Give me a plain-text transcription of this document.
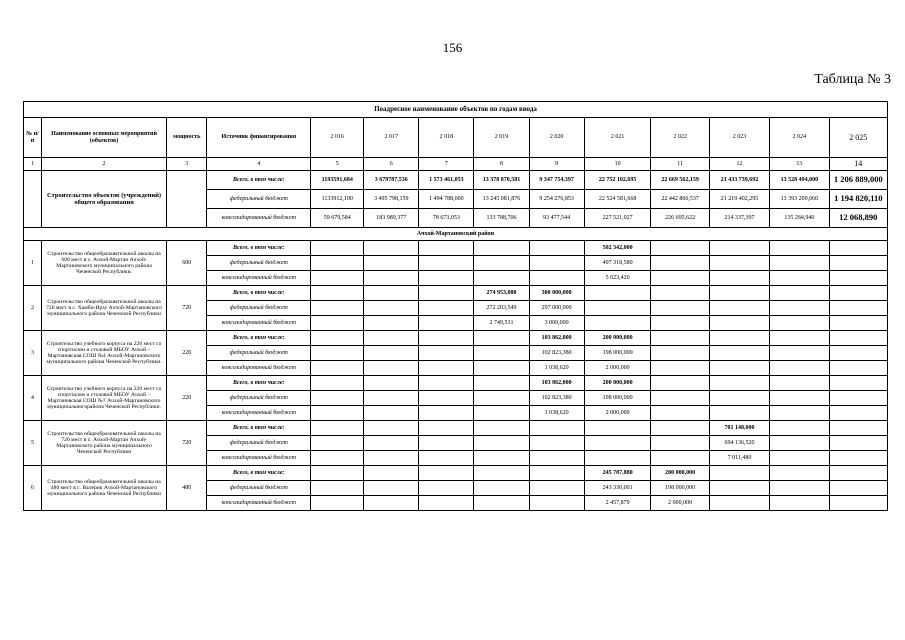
156
Таблица № 3
Поадресное наименование объектов по годам ввода													
№ п/п	Наименование основных мероприятий (объектов)	мощность	Источник финансирования	2 016	2 017	2 018	2 019	2 020	2 021	2 022	2 023	2 024	2 025
1	2	3	4	5	6	7	8	9	10	11	12	13	14
	Строительство объектов (учреждений) общего образования		Всего, в том числе:	1193591,684	3 679787,536	1 573 461,053	13 378 870,581	9 347 754,397	22 752 102,695	22 669 562,159	21 433 739,692	13 528 494,000	1 206 889,000
			федеральный бюджет	1133912,100	3 495 798,159	1 494 788,000	13 245 081,876	9 254 276,853	22 524 581,668	22 442 866,537	21 219 402,295	13 393 209,060	1 194 820,110
			консолидированный бюджет	59 679,584	183 989,377	78 673,053	133 788,706	93 477,544	227 521,027	226 695,622	214 337,397	135 284,940	12 068,890
Ачхой-Мартановский район													
1	Строительство общеобразовательной школы на 600 мест в с. Ачхой-Мартан Ачхой-Мартановского муниципального района Чеченской Республики.	600	Всего, в том числе:						502 342,000				
			федеральный бюджет						497 318,580				
			консолидированный бюджет						5 023,420				
2	Строительство общеобразовательной школы на 720 мест в с. Хамби-Ирзу Ачхой-Мартановского муниципального района Чеченской Республики	720	Всего, в том числе:				274 953,080	300 000,000					
			федеральный бюджет				272 203,549	297 000,000					
			консолидированный бюджет				2 749,531	3 000,000					
3	Строительство учебного корпуса на 220 мест со спортзалом и столовой МБОУ Ачхой – Мартановская СОШ №4 Ачхой-Мартановского муниципального района Чеченской Республики.	220	Всего, в том числе:					103 862,000	200 000,000				
			федеральный бюджет					102 823,380	198 000,000				
			консолидированный бюджет					1 038,620	2 000,000				
4	Строительство учебного корпуса на 220 мест со спортзалом и столовой МБОУ Ачхой – Мартановская СОШ №7 Ачхой-Мартановского муниципальногорайона Чеченской Республики.	220	Всего, в том числе:					103 862,000	200 000,000				
			федеральный бюджет					102 823,380	198 000,000				
			консолидированный бюджет					1 038,620	2 000,000				
5	Строительство общеобразовательной школы на 720 мест в с. Ачхой-Мартан Ачхой-Мартановского района муниципального Чеченской Республики	720	Всего, в том числе:								701 148,000		
			федеральный бюджет								694 136,520		
			консолидированный бюджет								7 011,480		
6	Строительство общеобразовательной школы на 480 мест в с. Валерик Ачхой-Мартановского муниципального района Чеченской Республики	480	Всего, в том числе:						245 787,880	200 000,000			
			федеральный бюджет						243 330,001	198 000,000			
			консолидированный бюджет						2 457,879	2 000,000			
